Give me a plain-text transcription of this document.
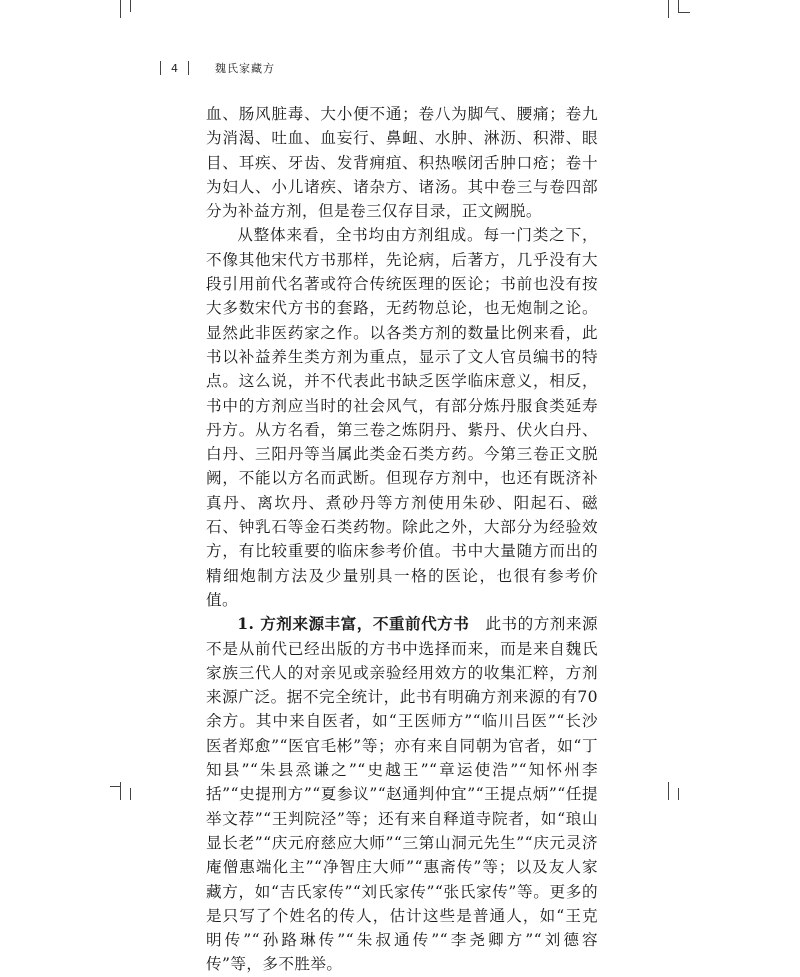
4	魏氏家藏方

血、肠风脏毒、大小便不通；卷八为脚气、腰痛；卷九为消渴、吐血、血妄行、鼻衄、水肿、淋沥、积滞、眼目、耳疾、牙齿、发背痈疽、积热喉闭舌肿口疮；卷十为妇人、小儿诸疾、诸杂方、诸汤。其中卷三与卷四部分为补益方剂，但是卷三仅存目录，正文阙脱。

从整体来看，全书均由方剂组成。每一门类之下，不像其他宋代方书那样，先论病，后著方，几乎没有大段引用前代名著或符合传统医理的医论；书前也没有按大多数宋代方书的套路，无药物总论，也无炮制之论。显然此非医药家之作。以各类方剂的数量比例来看，此书以补益养生类方剂为重点，显示了文人官员编书的特点。这么说，并不代表此书缺乏医学临床意义，相反，书中的方剂应当时的社会风气，有部分炼丹服食类延寿丹方。从方名看，第三卷之炼阴丹、紫丹、伏火白丹、白丹、三阳丹等当属此类金石类方药。今第三卷正文脱阙，不能以方名而武断。但现存方剂中，也还有既济补真丹、离坎丹、煮砂丹等方剂使用朱砂、阳起石、磁石、钟乳石等金石类药物。除此之外，大部分为经验效方，有比较重要的临床参考价值。书中大量随方而出的精细炮制方法及少量别具一格的医论，也很有参考价值。

1. 方剂来源丰富，不重前代方书　 此书的方剂来源不是从前代已经出版的方书中选择而来，而是来自魏氏家族三代人的对亲见或亲验经用效方的收集汇粹，方剂来源广泛。据不完全统计，此书有明确方剂来源的有70余方。其中来自医者，如“王医师方”“临川吕医”“长沙医者郑愈”“医官毛彬”等；亦有来自同朝为官者，如“丁知县”“朱县烝谦之”“史越王”“章运使浩”“知怀州李括”“史提刑方”“夏参议”“赵通判仲宜”“王提点炳”“任提举文荐”“王判院泾”等；还有来自释道寺院者，如“琅山显长老”“庆元府慈应大师”“三第山洞元先生”“庆元灵济庵僧惠端化主”“净智庄大师”“惠斋传”等；以及友人家藏方，如“吉氏家传”“刘氏家传”“张氏家传”等。更多的是只写了个姓名的传人，估计这些是普通人，如“王克明传”“孙路琳传”“朱叔通传”“李尧卿方”“刘德容传”等，多不胜举。
